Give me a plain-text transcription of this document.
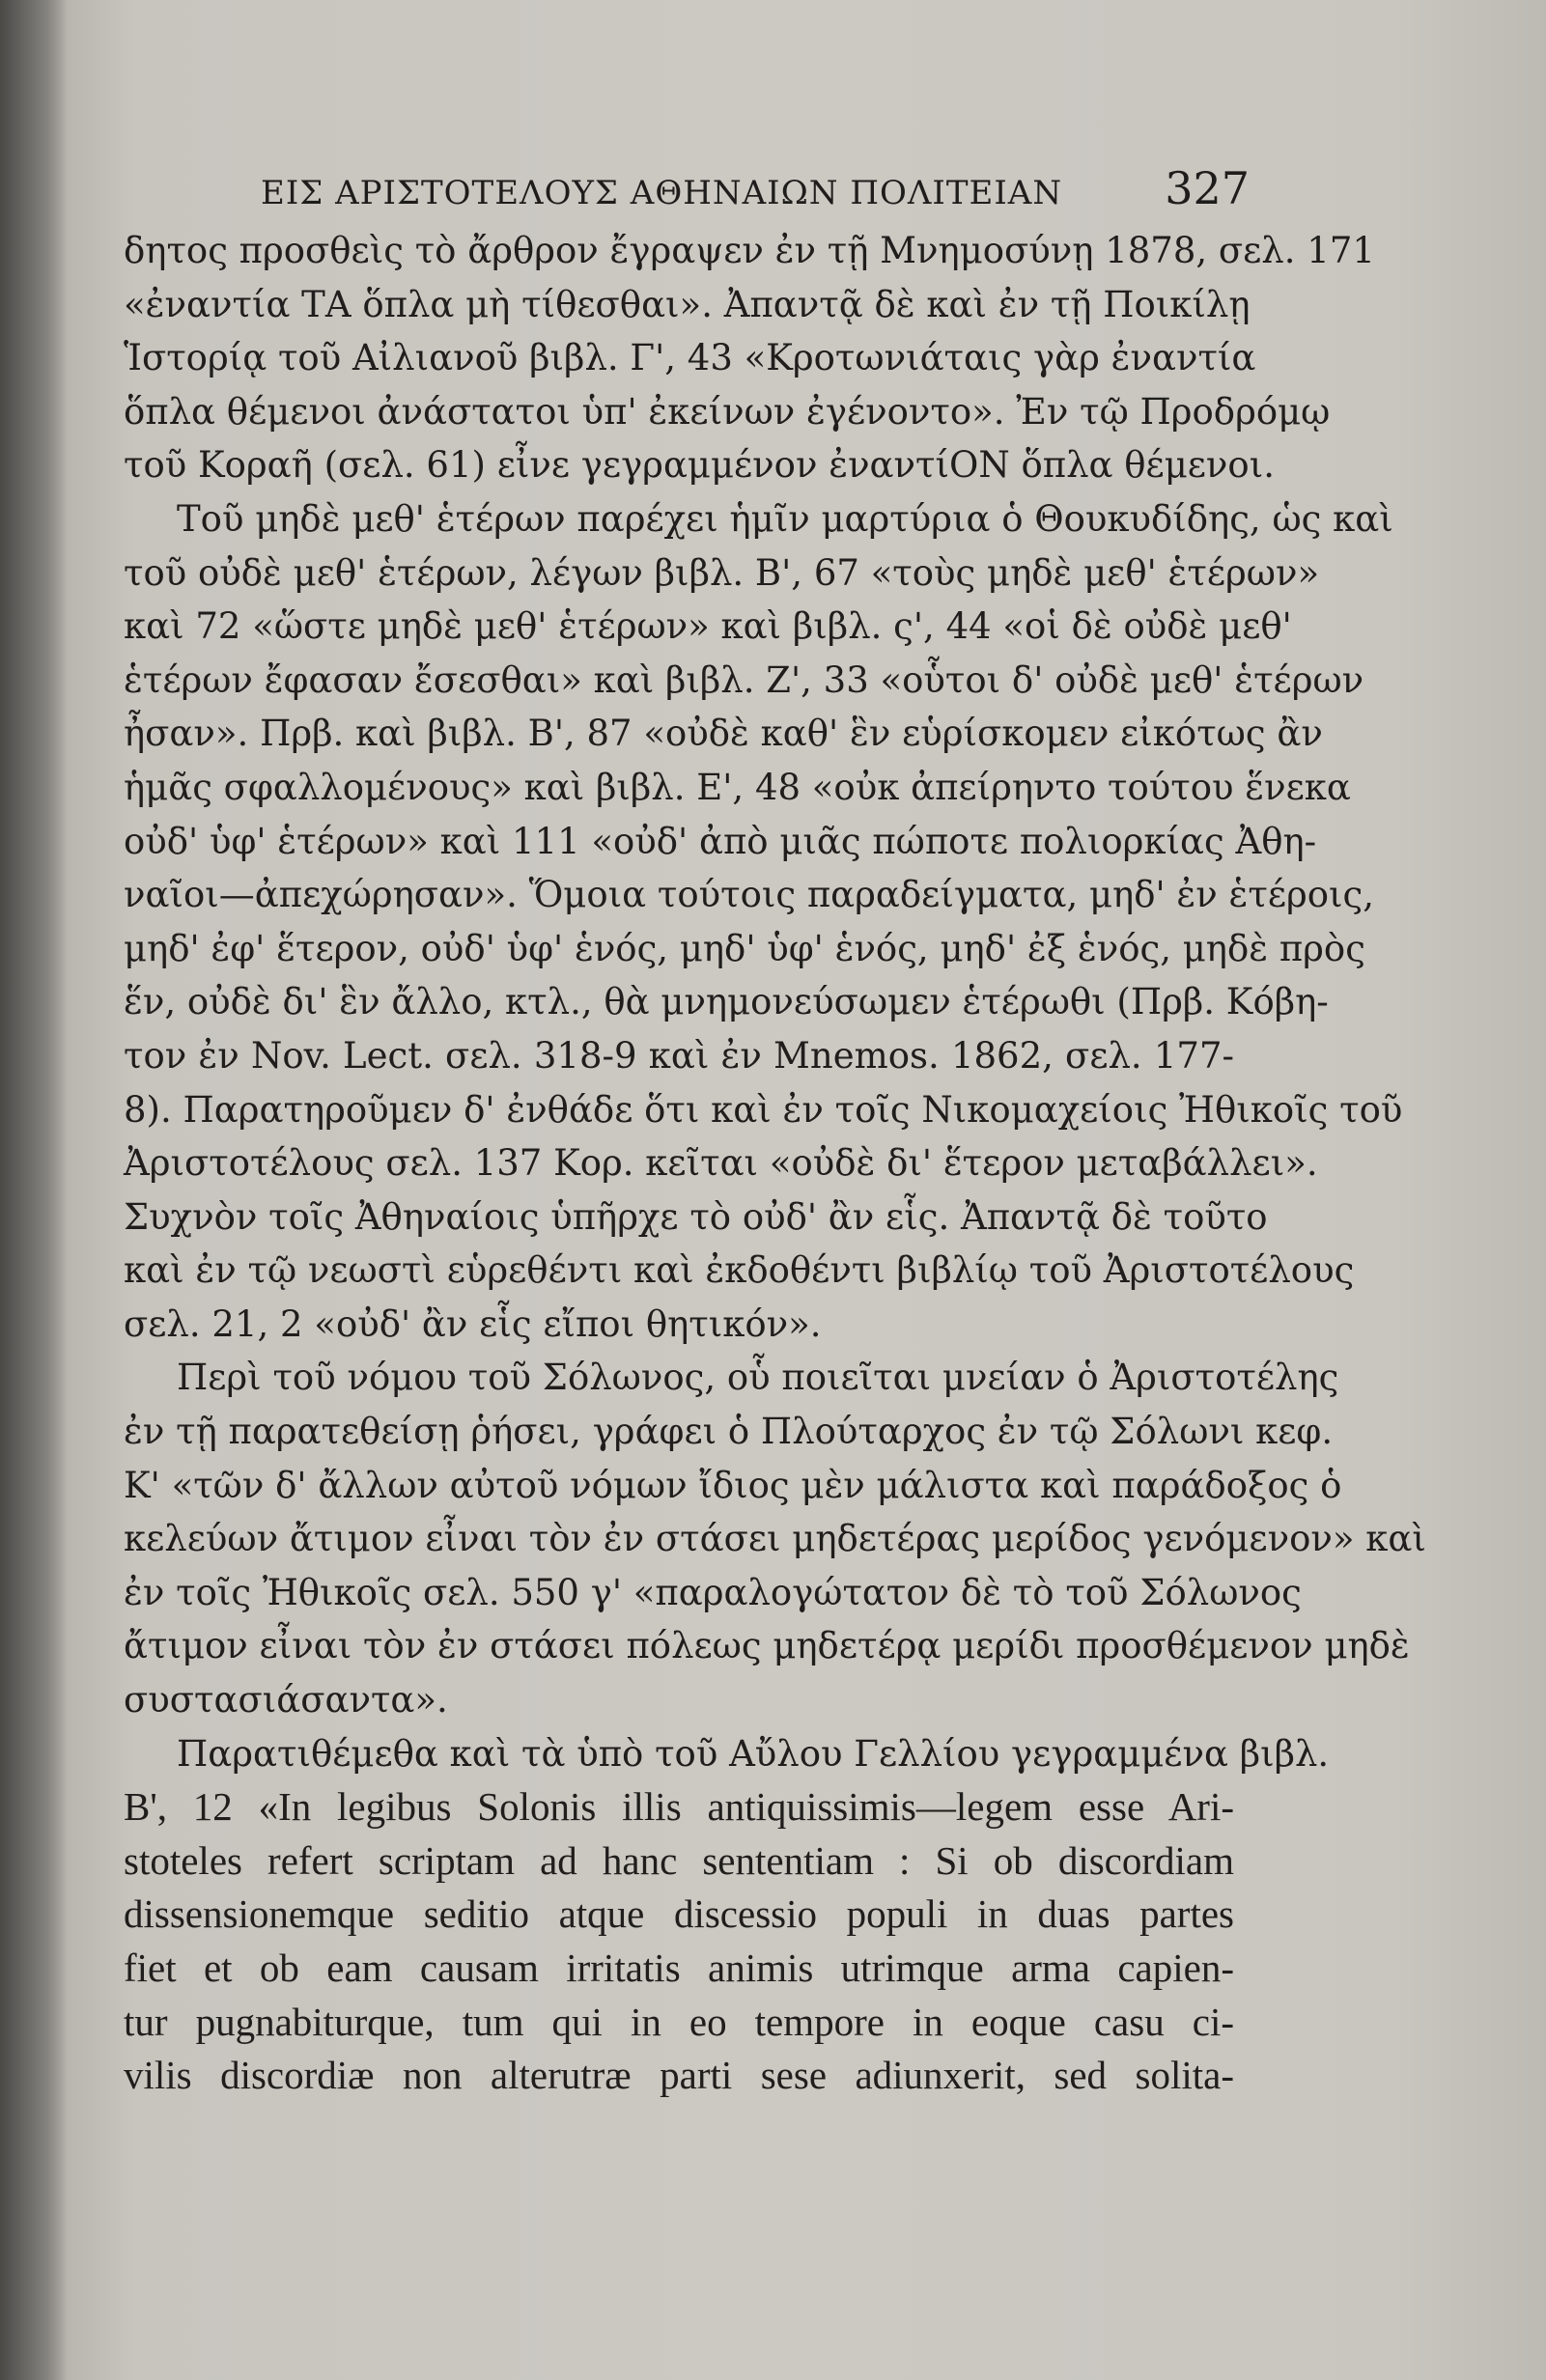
ΕΙΣ ΑΡΙΣΤΟΤΕΛΟΥΣ ΑΘΗΝΑΙΩΝ ΠΟΛΙΤΕΙΑΝ 327
δητος προσθεὶς τὸ ἄρθρον ἔγραψεν ἐν τῇ Μνημοσύνῃ 1878, σελ. 171
«ἐναντία ΤΑ ὅπλα μὴ τίθεσθαι». Ἀπαντᾷ δὲ καὶ ἐν τῇ Ποικίλῃ
Ἱστορίᾳ τοῦ Αἰλιανοῦ βιβλ. Γ', 43 «Κροτωνιάταις γὰρ ἐναντία
ὅπλα θέμενοι ἀνάστατοι ὑπ' ἐκείνων ἐγένοντο». Ἐν τῷ Προδρόμῳ
τοῦ Κοραῆ (σελ. 61) εἶνε γεγραμμένον ἐναντίΟΝ ὅπλα θέμενοι.
Τοῦ μηδὲ μεθ' ἑτέρων παρέχει ἡμῖν μαρτύρια ὁ Θουκυδίδης, ὡς καὶ
τοῦ οὐδὲ μεθ' ἑτέρων, λέγων βιβλ. Β', 67 «τοὺς μηδὲ μεθ' ἑτέρων»
καὶ 72 «ὥστε μηδὲ μεθ' ἑτέρων» καὶ βιβλ. ς', 44 «οἱ δὲ οὐδὲ μεθ'
ἑτέρων ἔφασαν ἔσεσθαι» καὶ βιβλ. Ζ', 33 «οὗτοι δ' οὐδὲ μεθ' ἑτέρων
ἦσαν». Πρβ. καὶ βιβλ. Β', 87 «οὐδὲ καθ' ἓν εὑρίσκομεν εἰκότως ἂν
ἡμᾶς σφαλλομένους» καὶ βιβλ. Ε', 48 «οὐκ ἀπείρηντο τούτου ἕνεκα
οὐδ' ὑφ' ἑτέρων» καὶ 111 «οὐδ' ἀπὸ μιᾶς πώποτε πολιορκίας Ἀθη-
ναῖοι—ἀπεχώρησαν». Ὅμοια τούτοις παραδείγματα, μηδ' ἐν ἑτέροις,
μηδ' ἐφ' ἕτερον, οὐδ' ὑφ' ἑνός, μηδ' ὑφ' ἑνός, μηδ' ἐξ ἑνός, μηδὲ πρὸς
ἕν, οὐδὲ δι' ἓν ἄλλο, κτλ., θὰ μνημονεύσωμεν ἑτέρωθι (Πρβ. Κόβη-
τον ἐν Nov. Lect. σελ. 318-9 καὶ ἐν Mnemos. 1862, σελ. 177-
8). Παρατηροῦμεν δ' ἐνθάδε ὅτι καὶ ἐν τοῖς Νικομαχείοις Ἠθικοῖς τοῦ
Ἀριστοτέλους σελ. 137 Κορ. κεῖται «οὐδὲ δι' ἕτερον μεταβάλλει».
Συχνὸν τοῖς Ἀθηναίοις ὑπῆρχε τὸ οὐδ' ἂν εἷς. Ἀπαντᾷ δὲ τοῦτο
καὶ ἐν τῷ νεωστὶ εὑρεθέντι καὶ ἐκδοθέντι βιβλίῳ τοῦ Ἀριστοτέλους
σελ. 21, 2 «οὐδ' ἂν εἷς εἴποι θητικόν».
Περὶ τοῦ νόμου τοῦ Σόλωνος, οὗ ποιεῖται μνείαν ὁ Ἀριστοτέλης
ἐν τῇ παρατεθείσῃ ῥήσει, γράφει ὁ Πλούταρχος ἐν τῷ Σόλωνι κεφ.
Κ' «τῶν δ' ἄλλων αὐτοῦ νόμων ἴδιος μὲν μάλιστα καὶ παράδοξος ὁ
κελεύων ἄτιμον εἶναι τὸν ἐν στάσει μηδετέρας μερίδος γενόμενον» καὶ
ἐν τοῖς Ἠθικοῖς σελ. 550 γ' «παραλογώτατον δὲ τὸ τοῦ Σόλωνος
ἄτιμον εἶναι τὸν ἐν στάσει πόλεως μηδετέρᾳ μερίδι προσθέμενον μηδὲ
συστασιάσαντα».
Παρατιθέμεθα καὶ τὰ ὑπὸ τοῦ Αὔλου Γελλίου γεγραμμένα βιβλ.
Β', 12 «In legibus Solonis illis antiquissimis—legem esse Ari-
stoteles refert scriptam ad hanc sententiam : Si ob discordiam
dissensionemque seditio atque discessio populi in duas partes
fiet et ob eam causam irritatis animis utrimque arma capien-
tur pugnabiturque, tum qui in eo tempore in eoque casu ci-
vilis discordiæ non alterutræ parti sese adiunxerit, sed solita-
